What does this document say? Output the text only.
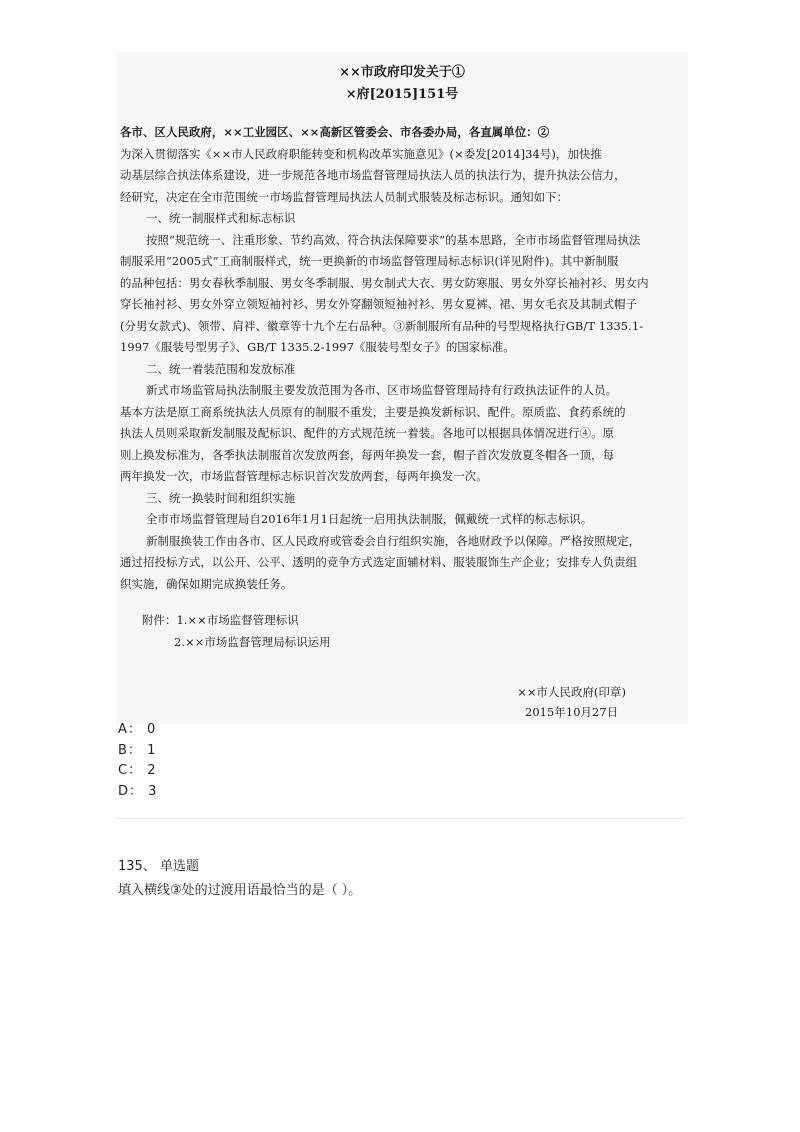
××市政府印发关于①
×府[2015]151号
各市、区人民政府，××工业园区、××高新区管委会、市各委办局，各直属单位：②
为深入贯彻落实《××市人民政府职能转变和机构改革实施意见》(×委发[2014]34号)，加快推
动基层综合执法体系建设，进一步规范各地市场监督管理局执法人员的执法行为，提升执法公信力，
经研究，决定在全市范围统一市场监督管理局执法人员制式服装及标志标识。通知如下：
一、统一制服样式和标志标识
按照“规范统一、注重形象、节约高效、符合执法保障要求”的基本思路，全市市场监督管理局执法
制服采用“2005式”工商制服样式，统一更换新的市场监督管理局标志标识(详见附件)。其中新制服
的品种包括：男女春秋季制服、男女冬季制服、男女制式大衣、男女防寒服、男女外穿长袖衬衫、男女内
穿长袖衬衫、男女外穿立领短袖衬衫、男女外穿翻领短袖衬衫、男女夏裤、裙、男女毛衣及其制式帽子
(分男女款式)、领带、肩袢、徽章等十九个左右品种。③新制服所有品种的号型规格执行GB/T 1335.1-
1997《服装号型男子》、GB/T 1335.2-1997《服装号型女子》的国家标准。
二、统一着装范围和发放标准
新式市场监管局执法制服主要发放范围为各市、区市场监督管理局持有行政执法证件的人员。
基本方法是原工商系统执法人员原有的制服不重发，主要是换发新标识、配件。原质监、食药系统的
执法人员则采取新发制服及配标识、配件的方式规范统一着装。各地可以根据具体情况进行④。原
则上换发标准为，各季执法制服首次发放两套，每两年换发一套，帽子首次发放夏冬帽各一顶，每
两年换发一次，市场监督管理标志标识首次发放两套，每两年换发一次。
三、统一换装时间和组织实施
全市市场监督管理局自2016年1月1日起统一启用执法制服，佩戴统一式样的标志标识。
新制服换装工作由各市、区人民政府或管委会自行组织实施，各地财政予以保障。严格按照规定，
通过招投标方式，以公开、公平、透明的竞争方式选定面辅材料、服装服饰生产企业；安排专人负责组
织实施，确保如期完成换装任务。
附件：1.××市场监督管理标识
2.××市场监督管理局标识运用
××市人民政府(印章)
2015年10月27日
A： 0
B： 1
C： 2
D： 3
135、 单选题
填入横线③处的过渡用语最恰当的是（ ）。
